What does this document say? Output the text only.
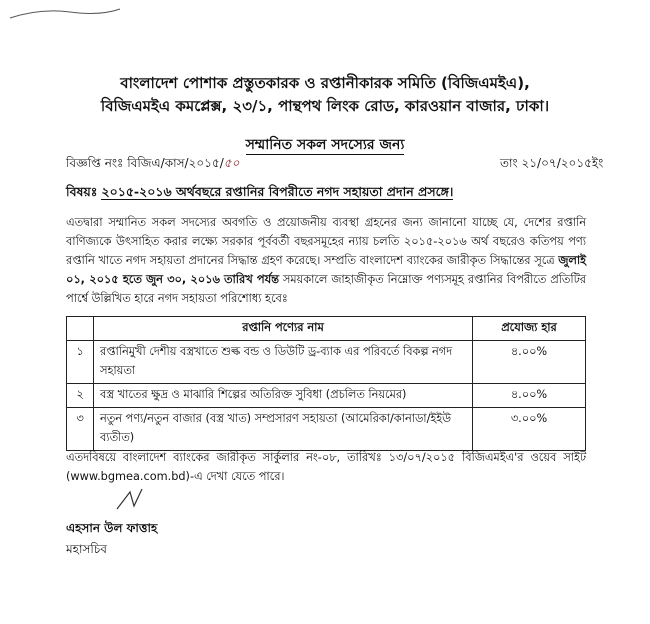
বাংলাদেশ পোশাক প্রস্তুতকারক ও রপ্তানীকারক সমিতি (বিজিএমইএ),
বিজিএমইএ কমপ্লেক্স, ২৩/১, পান্থপথ লিংক রোড, কারওয়ান বাজার, ঢাকা।
সম্মানিত সকল সদস্যের জন্য
বিজ্ঞপ্তি নংঃ বিজিএ/কাস/২০১৫/৫০	তাং ২১/০৭/২০১৫ইং
বিষয়ঃ ২০১৫-২০১৬ অর্থবছরে রপ্তানির বিপরীতে নগদ সহায়তা প্রদান প্রসঙ্গে।
এতদ্বারা সম্মানিত সকল সদস্যের অবগতি ও প্রয়োজনীয় ব্যবস্থা গ্রহনের জন্য জানানো যাচ্ছে যে, দেশের রপ্তানি বাণিজ্যকে উৎসাহিত করার লক্ষ্যে সরকার পূর্ববর্তী বছরসমূহের ন্যায় চলতি ২০১৫-২০১৬ অর্থ বছরেও কতিপয় পণ্য রপ্তানি খাতে নগদ সহায়তা প্রদানের সিদ্ধান্ত গ্রহণ করেছে। সম্প্রতি বাংলাদেশ ব্যাংকের জারীকৃত সিদ্ধান্তের সূত্রে জুলাই ০১, ২০১৫ হতে জুন ৩০, ২০১৬ তারিখ পর্যন্ত সময়কালে জাহাজীকৃত নিম্নোক্ত পণ্যসমূহ রপ্তানির বিপরীতে প্রতিটির পার্শ্বে উল্লিখিত হারে নগদ সহায়তা পরিশোধ্য হবেঃ
	রপ্তানি পণ্যের নাম	প্রযোজ্য হার
১	রপ্তানিমুখী দেশীয় বস্ত্রখাতে শুল্ক বন্ড ও ডিউটি ড্র-ব্যাক এর পরিবর্তে বিকল্প নগদ সহায়তা	৪.০০%
২	বস্ত্র খাতের ক্ষুদ্র ও মাঝারি শিল্পের অতিরিক্ত সুবিধা (প্রচলিত নিয়মের)	৪.০০%
৩	নতুন পণ্য/নতুন বাজার (বস্ত্র খাত) সম্প্রসারণ সহায়তা (আমেরিকা/কানাডা/ইইউ ব্যতীত)	৩.০০%
এতদবিষয়ে বাংলাদেশ ব্যাংকের জারীকৃত সার্কুলার নং-০৮, তারিখঃ ১৩/০৭/২০১৫ বিজিএমইএ'র ওয়েব সাইট (www.bgmea.com.bd)-এ দেখা যেতে পারে।
এহসান উল ফাত্তাহ
মহাসচিব
